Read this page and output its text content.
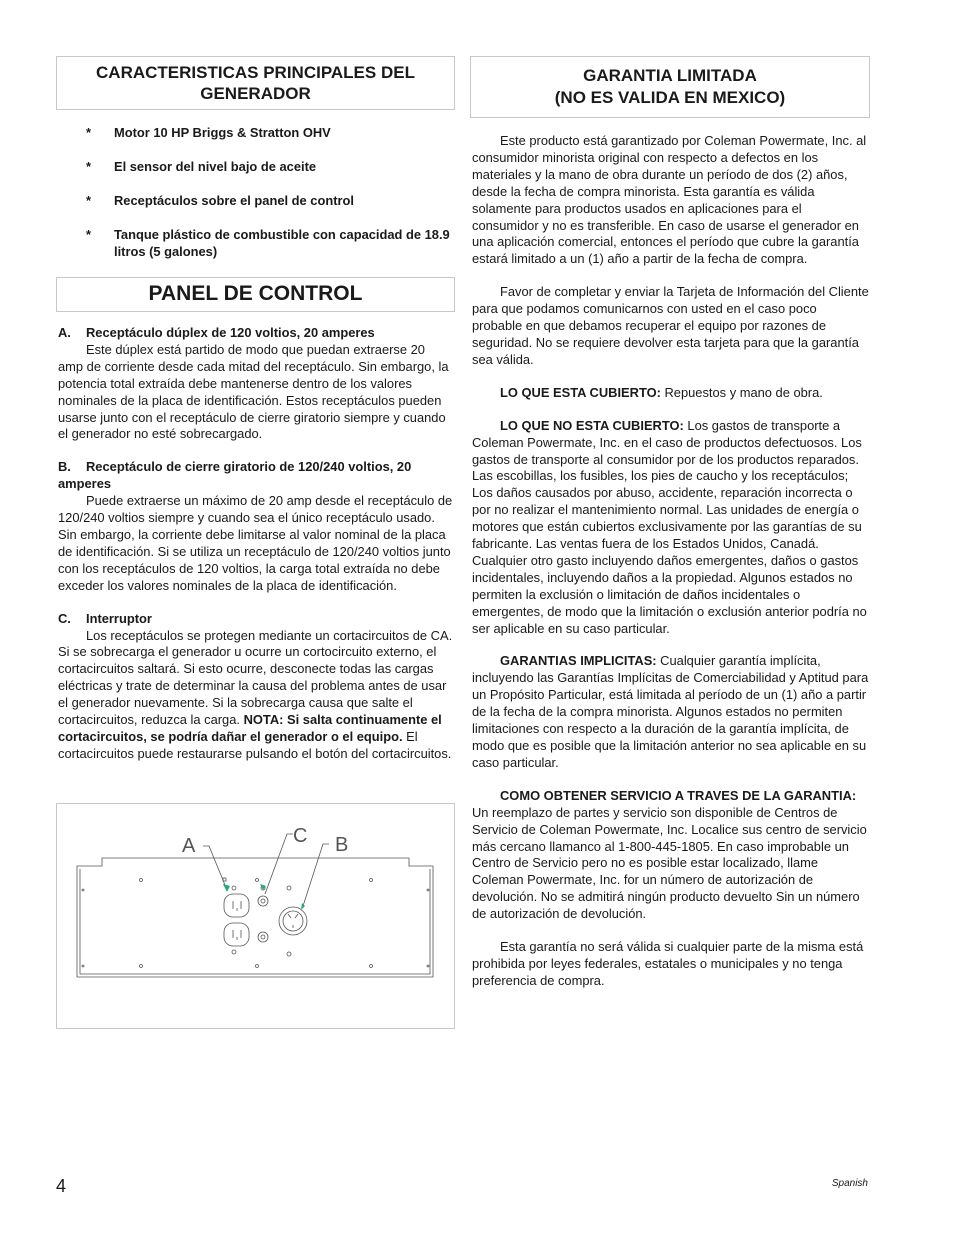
CARACTERISTICAS PRINCIPALES DEL
GENERADOR
* Motor 10 HP Briggs & Stratton OHV
* El sensor del nivel bajo de aceite
* Receptáculos sobre el panel de control
* Tanque plástico de combustible con capacidad de 18.9 litros (5 galones)
PANEL DE CONTROL

A. Receptáculo dúplex de 120 voltios, 20 amperes

Este dúplex está partido de modo que puedan extraerse 20 amp de corriente desde cada mitad del receptáculo. Sin embargo, la potencia total extraída debe mantenerse dentro de los valores nominales de la placa de identificación. Estos receptáculos pueden usarse junto con el receptáculo de cierre giratorio siempre y cuando el generador no esté sobrecargado.

B. Receptáculo de cierre giratorio de 120/240 voltios, 20 amperes

Puede extraerse un máximo de 20 amp desde el receptáculo de 120/240 voltios siempre y cuando sea el único receptáculo usado. Sin embargo, la corriente debe limitarse al valor nominal de la placa de identificación. Si se utiliza un receptáculo de 120/240 voltios junto con los receptáculos de 120 voltios, la carga total extraída no debe exceder los valores nominales de la placa de identificación.

C. Interruptor

Los receptáculos se protegen mediante un cortacircuitos de CA. Si se sobrecarga el generador u ocurre un cortocircuito externo, el cortacircuitos saltará. Si esto ocurre, desconecte todas las cargas eléctricas y trate de determinar la causa del problema antes de usar el generador nuevamente. Si la sobrecarga causa que salte el cortacircuitos, reduzca la carga. NOTA: Si salta continuamente el cortacircuitos, se podría dañar el generador o el equipo. El cortacircuitos puede restaurarse pulsando el botón del cortacircuitos.

A	C B
GARANTIA LIMITADA
(NO ES VALIDA EN MEXICO)

Este producto está garantizado por Coleman Powermate, Inc. al consumidor minorista original con respecto a defectos en los materiales y la mano de obra durante un período de dos (2) años, desde la fecha de compra minorista. Esta garantía es válida solamente para productos usados en aplicaciones para el consumidor y no es transferible. En caso de usarse el generador en una aplicación comercial, entonces el período que cubre la garantía estará limitado a un (1) año a partir de la fecha de compra.

Favor de completar y enviar la Tarjeta de Información del Cliente para que podamos comunicarnos con usted en el caso poco probable en que debamos recuperar el equipo por razones de seguridad. No se requiere devolver esta tarjeta para que la garantía sea válida.

LO QUE ESTA CUBIERTO: Repuestos y mano de obra.

LO QUE NO ESTA CUBIERTO: Los gastos de transporte a Coleman Powermate, Inc. en el caso de productos defectuosos. Los gastos de transporte al consumidor por de los productos reparados. Las escobillas, los fusibles, los pies de caucho y los receptáculos; Los daños causados por abuso, accidente, reparación incorrecta o por no realizar el mantenimiento normal. Las unidades de energía o motores que están cubiertos exclusivamente por las garantías de su fabricante. Las ventas fuera de los Estados Unidos, Canadá. Cualquier otro gasto incluyendo daños emergentes, daños o gastos incidentales, incluyendo daños a la propiedad. Algunos estados no permiten la exclusión o limitación de daños incidentales o emergentes, de modo que la limitación o exclusión anterior podría no ser aplicable en su caso particular.

GARANTIAS IMPLICITAS: Cualquier garantía implícita, incluyendo las Garantías Implícitas de Comerciabilidad y Aptitud para un Propósito Particular, está limitada al período de un (1) año a partir de la fecha de la compra minorista. Algunos estados no permiten limitaciones con respecto a la duración de la garantía implícita, de modo que es posible que la limitación anterior no sea aplicable en su caso particular.

COMO OBTENER SERVICIO A TRAVES DE LA GARANTIA: Un reemplazo de partes y servicio son disponible de Centros de Servicio de Coleman Powermate, Inc. Localice sus centro de servicio más cercano llamanco al 1-800-445-1805. En caso improbable un Centro de Servicio pero no es posible estar localizado, llame Coleman Powermate, Inc. for un número de autorización de devolución. No se admitirá ningún producto devuelto Sin un número de autorización de devolución.

Esta garantía no será válida si cualquier parte de la misma está prohibida por leyes federales, estatales o municipales y no tenga preferencia de compra.

4	Spanish
